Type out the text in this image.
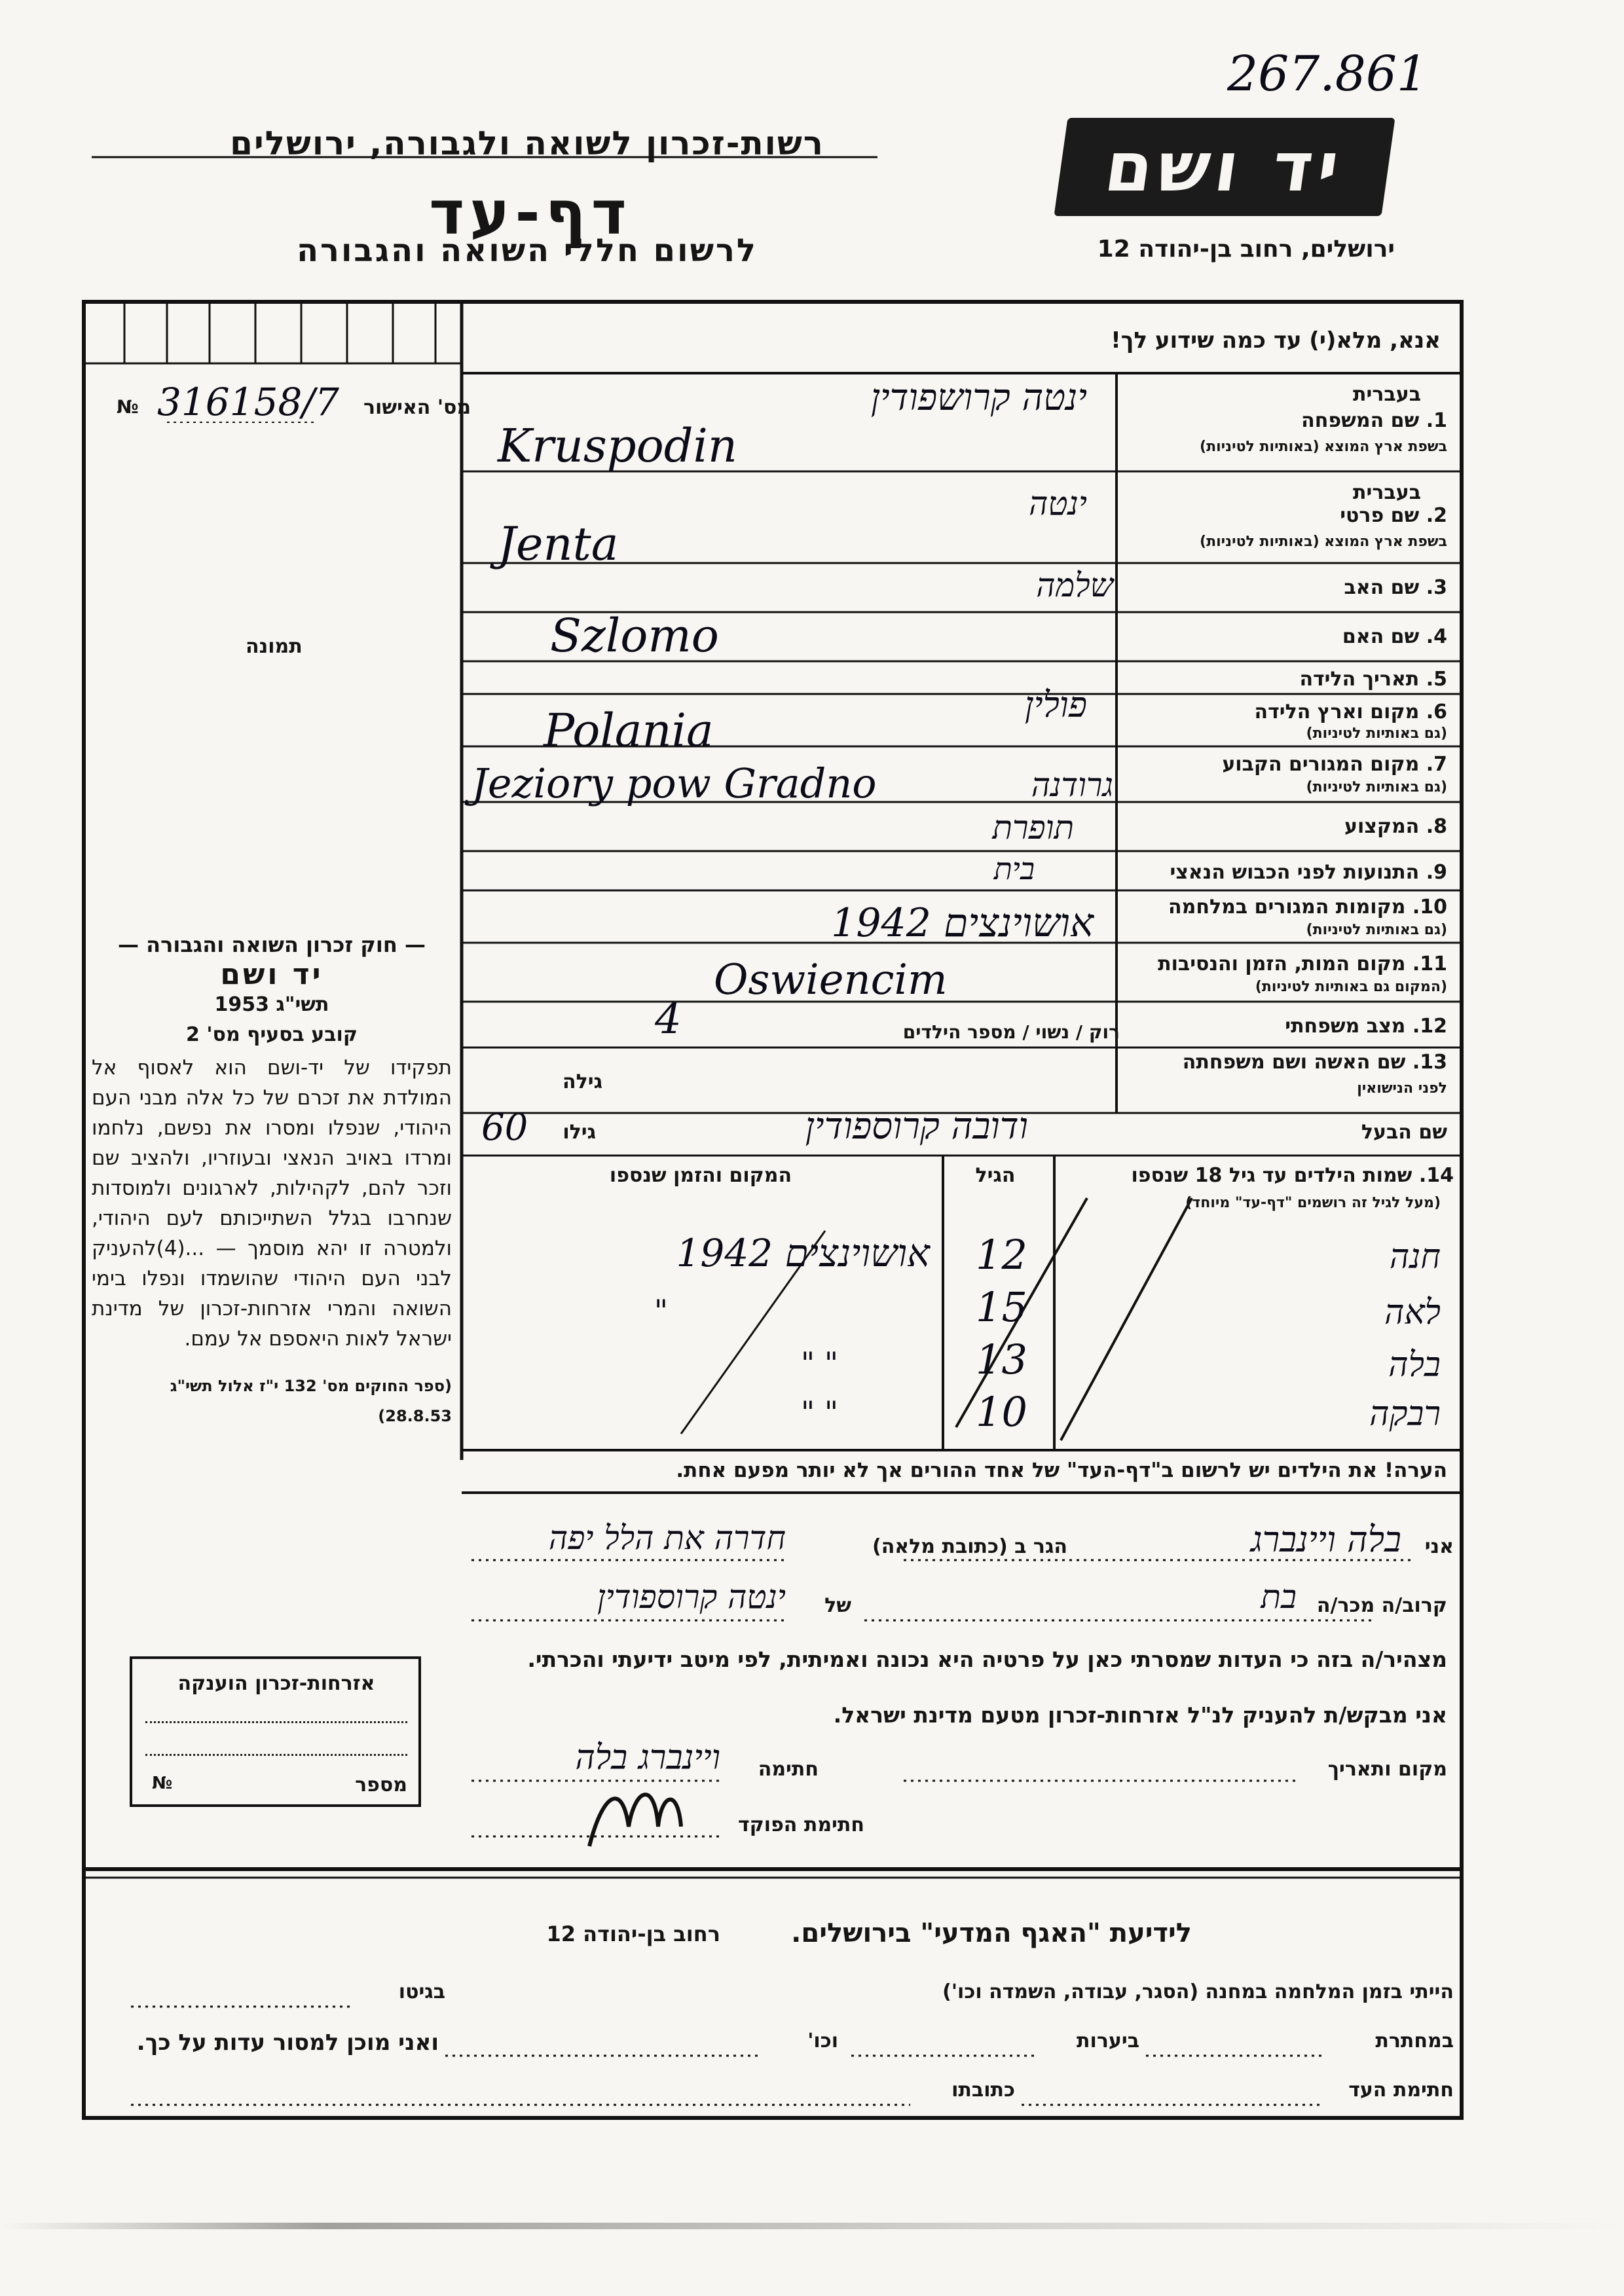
267.861
יד ושם
רשות-זכרון לשואה ולגבורה, ירושלים
דף-עד
לרשום חללי השואה והגבורה	ירושלים, רחוב בן-יהודה 12
מס' האישור
№ 316158/7
תמונה
אנא, מלא(י) עד כמה שידוע לך!
בעברית
1. שם המשפחה
בשפת ארץ המוצא (באותיות לטיניות)
בעברית
2. שם פרטי
בשפת ארץ המוצא (באותיות לטיניות)
3. שם האב
4. שם האם
5. תאריך הלידה
6. מקום וארץ הלידה
(גם באותיות לטיניות)
7. מקום המגורים הקבוע
(גם באותיות לטיניות)
8. המקצוע
9. התנועות לפני הכבוש הנאצי
10. מקומות המגורים במלחמה
(גם באותיות לטיניות)
11. מקום המות, הזמן והנסיבות
(המקום גם באותיות לטיניות)
12. מצב משפחתי
13. שם האשה ושם משפחתה
לפני הנישואין
שם הבעל
ינטה קרושפודין
Kruspodin
ינטה
Jenta
שלמה
Szlomo
פולין
Polania
Jeziory pow Gradno	גרודנה
תופרת
בית
אושוינצים 1942
Oswiencim
רוק / נשוי / מספר הילדים
4
גילה
ודובה קרוספודין
גילו
60
14. שמות הילדים עד גיל 18 שנספו
(מעל לגיל זה רושמים "דף-עד" מיוחד)
הגיל
המקום והזמן שנספו
חנה
12
אושוינצים 1942
לאה
15
"
בלה
13
" "
רבקה
10
" "
הערה! את הילדים יש לרשום ב"דף-העד" של אחד ההורים אך לא יותר מפעם אחת.
— חוק זכרון השואה והגבורה —
יד ושם
תשי"ג 1953
קובע בסעיף מס' 2
תפקידו של יד-ושם הוא לאסוף אל המולדת את זכרם של כל אלה מבני העם היהודי, שנפלו ומסרו את נפשם, נלחמו ומרדו באויב הנאצי ובעוזריו, ולהציב שם וזכר להם, לקהילות, לארגונים ולמוסדות שנחרבו בגלל השתייכותם לעם היהודי, ולמטרה זו יהא מוסמך — ...(4)להעניק לבני העם היהודי שהושמדו ונפלו בימי השואה והמרי אזרחות-זכרון של מדינת ישראל לאות היאספם אל עמם.
(ספר החוקים מס' 132 י"ז אלול תשי"ג 28.8.53)
אני
בלה ויינברג
הגר ב (כתובת מלאה)
חדרה את הלל יפה
קרוב/ה מכר/ה
בת
של
ינטה קרוספודין
מצהיר/ה בזה כי העדות שמסרתי כאן על פרטיה היא נכונה ואמיתית, לפי מיטב ידיעתי והכרתי.
אני מבקש/ת להעניק לנ"ל אזרחות-זכרון מטעם מדינת ישראל.
מקום ותאריך
חתימה
ויינברג בלה
חתימת הפוקד
אזרחות-זכרון הוענקה
מספר
№
לידיעת "האגף המדעי" בירושלים.
רחוב בן-יהודה 12
הייתי בזמן המלחמה במחנה (הסגר, עבודה, השמדה וכו')
בגיטו
במחתרת
ביערות
וכו'
ואני מוכן למסור עדות על כך.
חתימת העד
כתובתו
